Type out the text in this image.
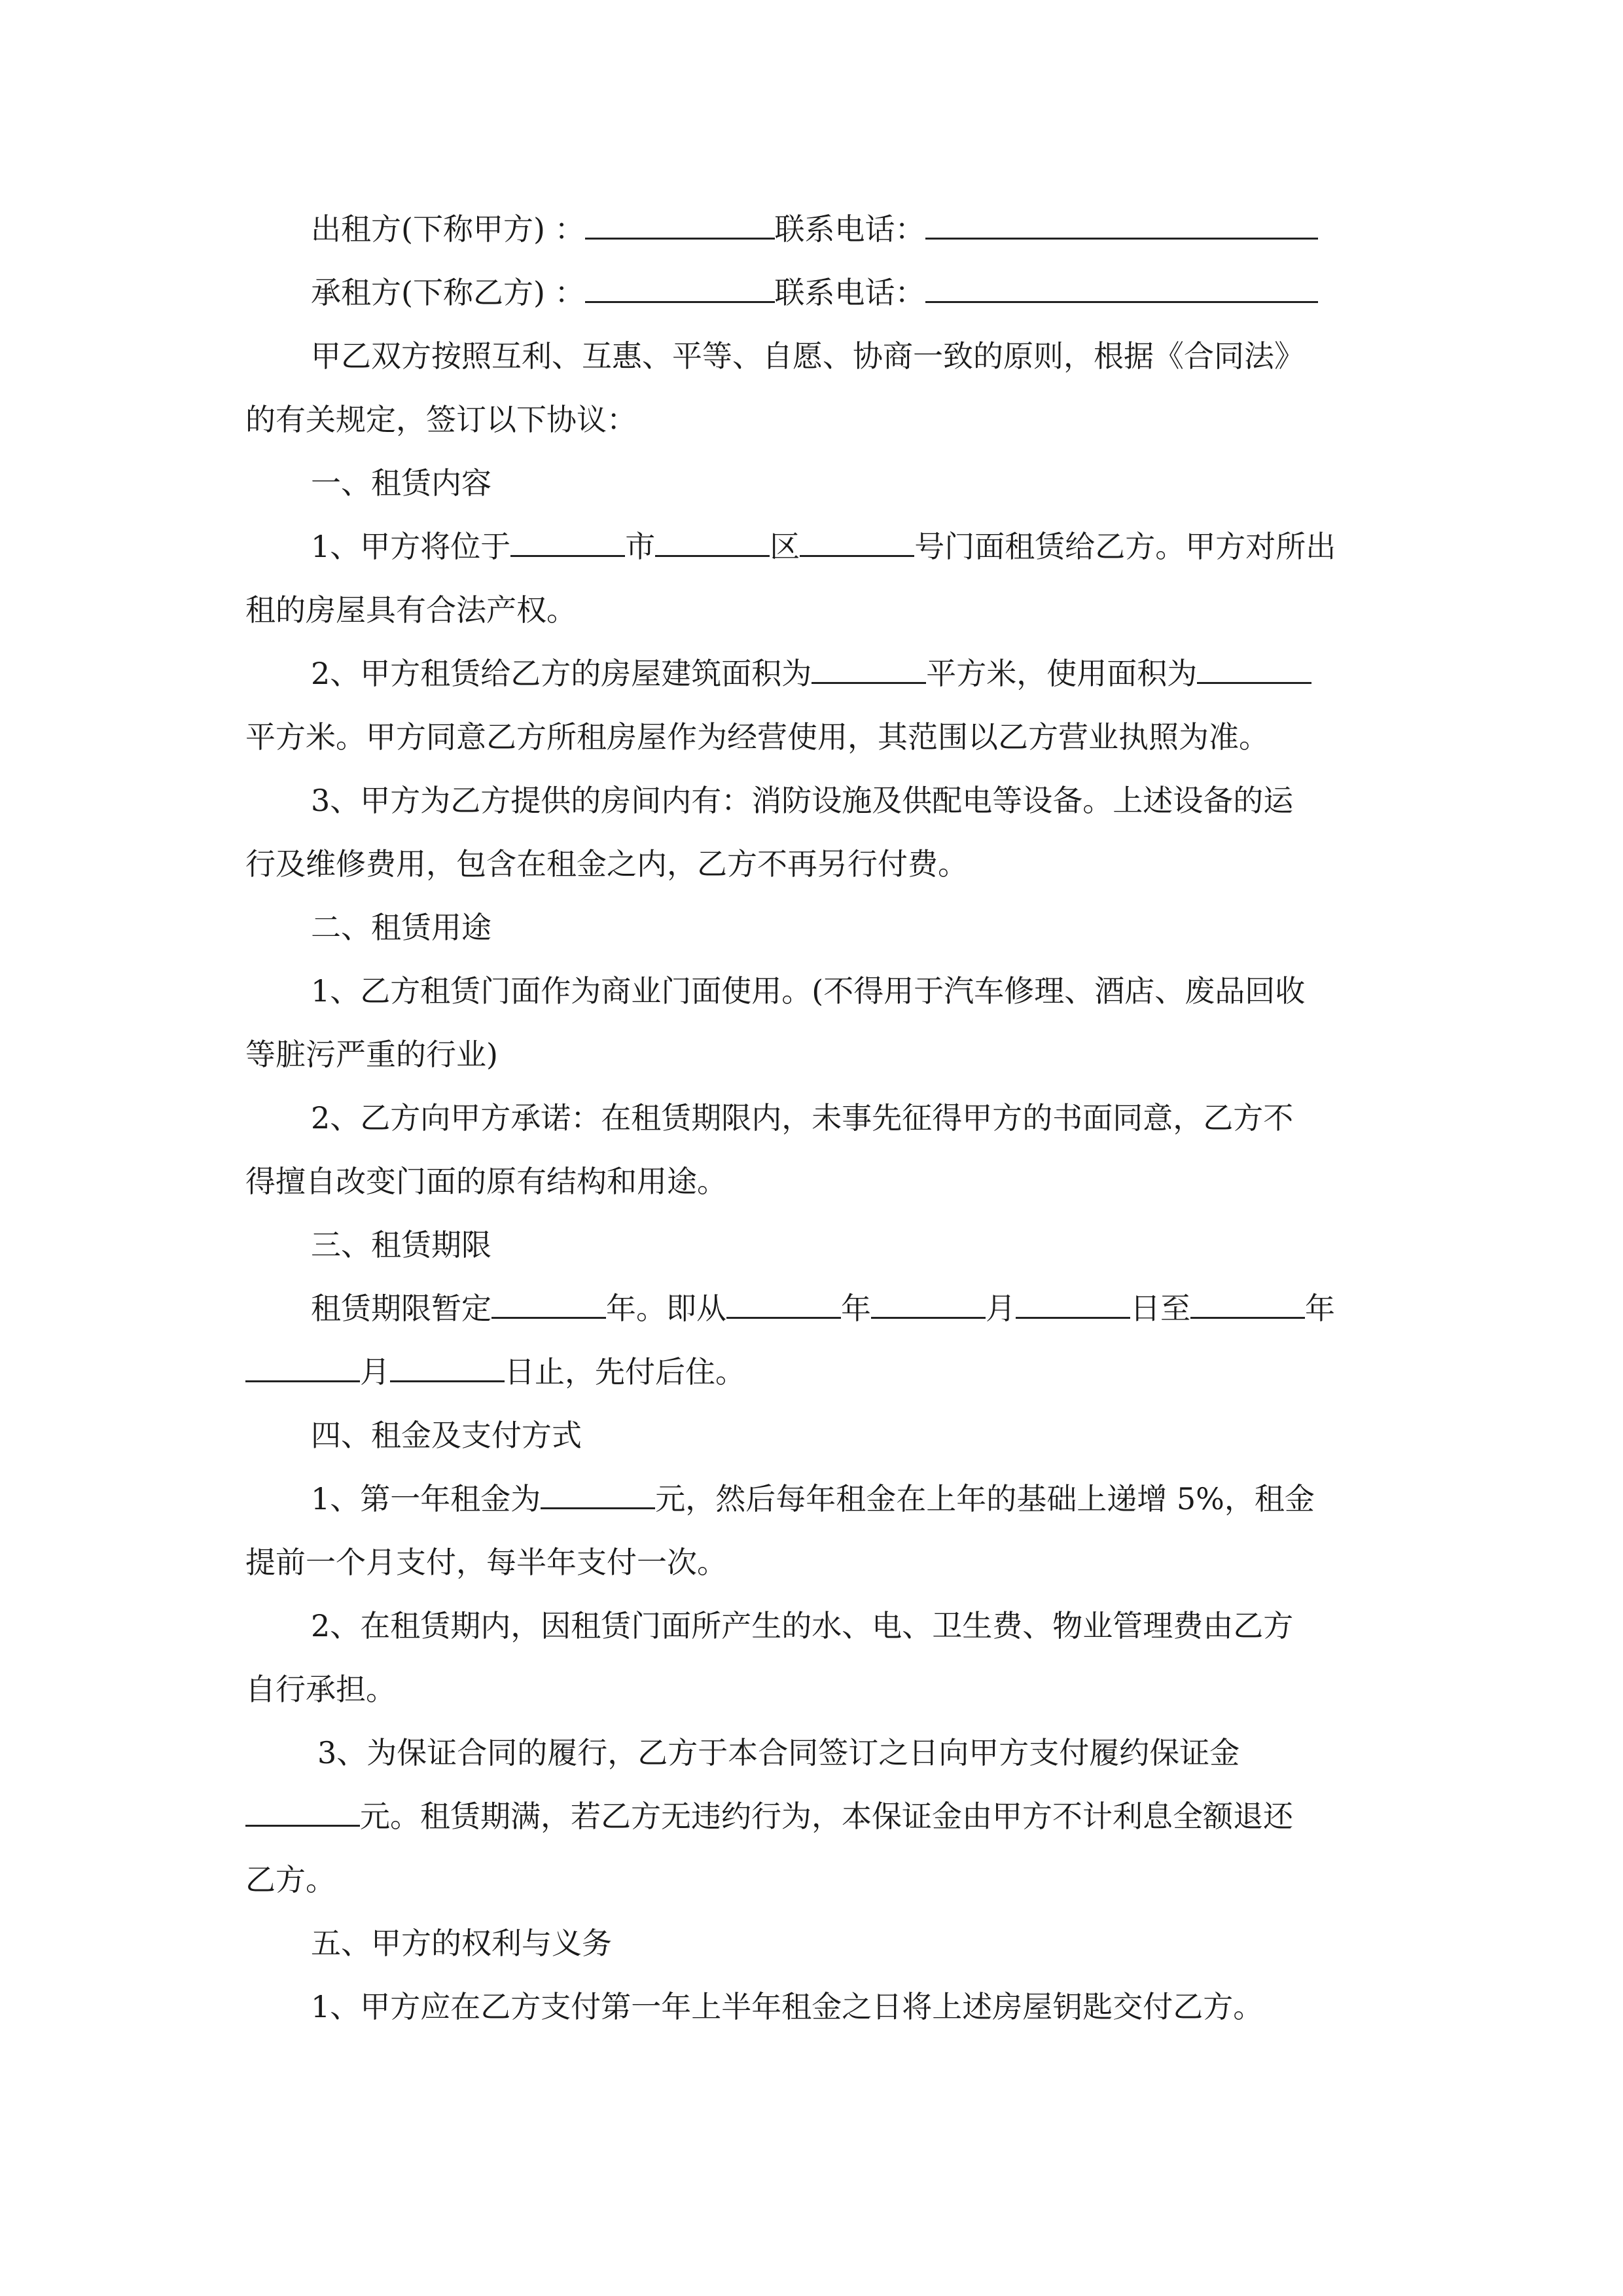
出租方(下称甲方) ：	联系电话：
承租方(下称乙方) ：	联系电话：
甲乙双方按照互利、互惠、平等、自愿、协商一致的原则，根据《合同法》
的有关规定，签订以下协议：
一、租赁内容
1、甲方将位于	市	区	号门面租赁给乙方。甲方对所出
租的房屋具有合法产权。
2、甲方租赁给乙方的房屋建筑面积为	平方米，使用面积为
平方米。甲方同意乙方所租房屋作为经营使用，其范围以乙方营业执照为准。
3、甲方为乙方提供的房间内有：消防设施及供配电等设备。上述设备的运
行及维修费用，包含在租金之内，乙方不再另行付费。
二、租赁用途
1、乙方租赁门面作为商业门面使用。(不得用于汽车修理、酒店、废品回收
等脏污严重的行业)
2、乙方向甲方承诺：在租赁期限内，未事先征得甲方的书面同意，乙方不
得擅自改变门面的原有结构和用途。
三、租赁期限
租赁期限暂定	年。即从	年	月	日至	年
月	日止，先付后住。
四、租金及支付方式
1、第一年租金为	元，然后每年租金在上年的基础上递增 5%，租金
提前一个月支付，每半年支付一次。
2、在租赁期内，因租赁门面所产生的水、电、卫生费、物业管理费由乙方
自行承担。
3、为保证合同的履行，乙方于本合同签订之日向甲方支付履约保证金
元。租赁期满，若乙方无违约行为，本保证金由甲方不计利息全额退还
乙方。
五、甲方的权利与义务
1、甲方应在乙方支付第一年上半年租金之日将上述房屋钥匙交付乙方。
